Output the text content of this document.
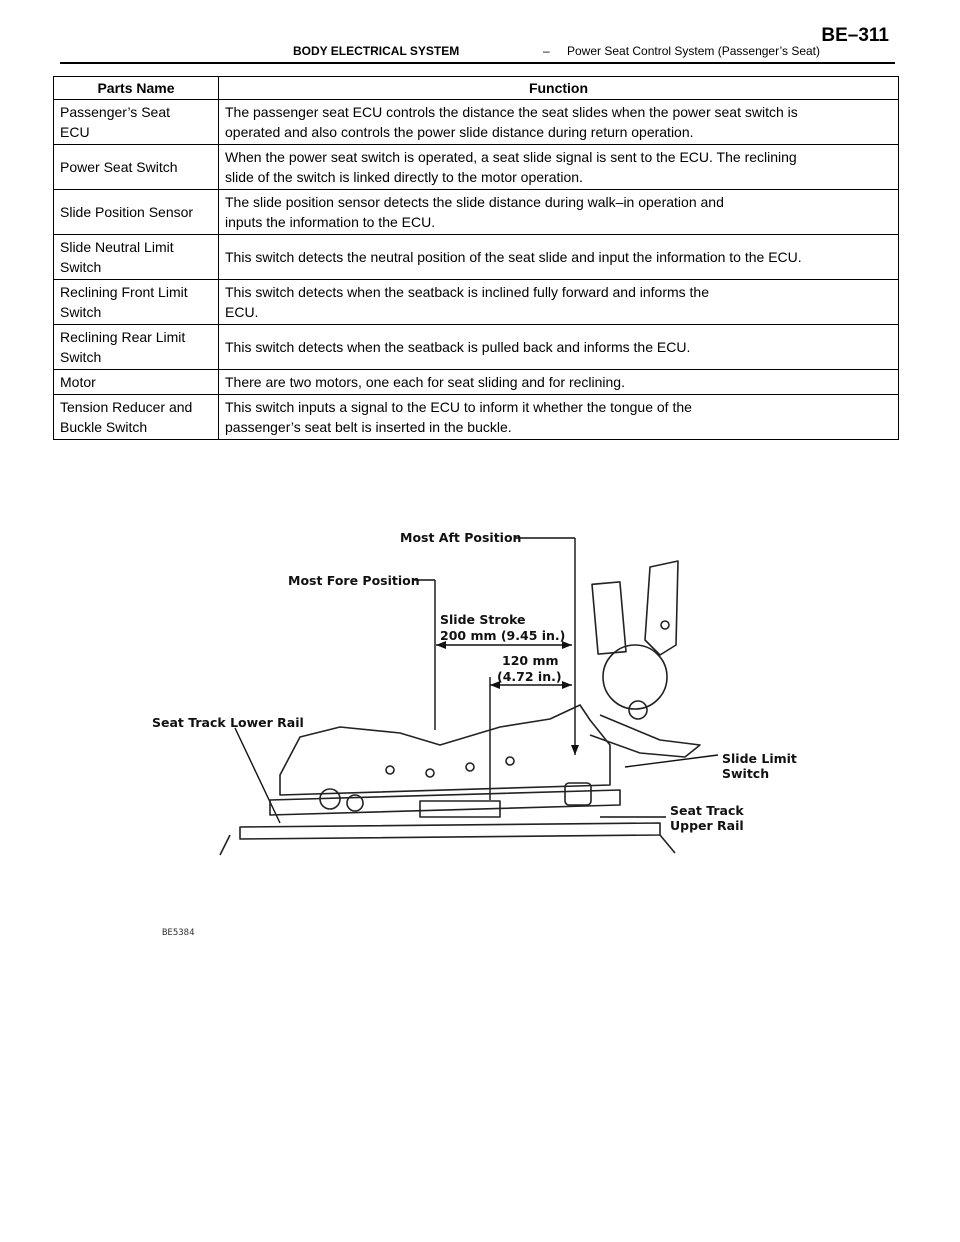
BODY ELECTRICAL SYSTEM	– Power Seat Control System (Passenger’s Seat)
BE–311
Parts Name	Function
Passenger’s Seat
ECU	The passenger seat ECU controls the distance the seat slides when the power seat switch is
operated and also controls the power slide distance during return operation.
Power Seat Switch	When the power seat switch is operated, a seat slide signal is sent to the ECU. The reclining
slide of the switch is linked directly to the motor operation.
Slide Position Sensor	The slide position sensor detects the slide distance during walk–in operation and
inputs the information to the ECU.
Slide Neutral Limit
Switch	This switch detects the neutral position of the seat slide and input the information to the ECU.
Reclining Front Limit
Switch	This switch detects when the seatback is inclined fully forward and informs the
ECU.
Reclining Rear Limit
Switch	This switch detects when the seatback is pulled back and informs the ECU.
Motor	There are two motors, one each for seat sliding and for reclining.
Tension Reducer and
Buckle Switch	This switch inputs a signal to the ECU to inform it whether the tongue of the
passenger’s seat belt is inserted in the buckle.
Most Aft Position
Most Fore Position
Slide Stroke
200 mm (9.45 in.)
120 mm
(4.72 in.)
Seat Track Lower Rail
Slide Limit
Switch
Seat Track
Upper Rail
BE5384
